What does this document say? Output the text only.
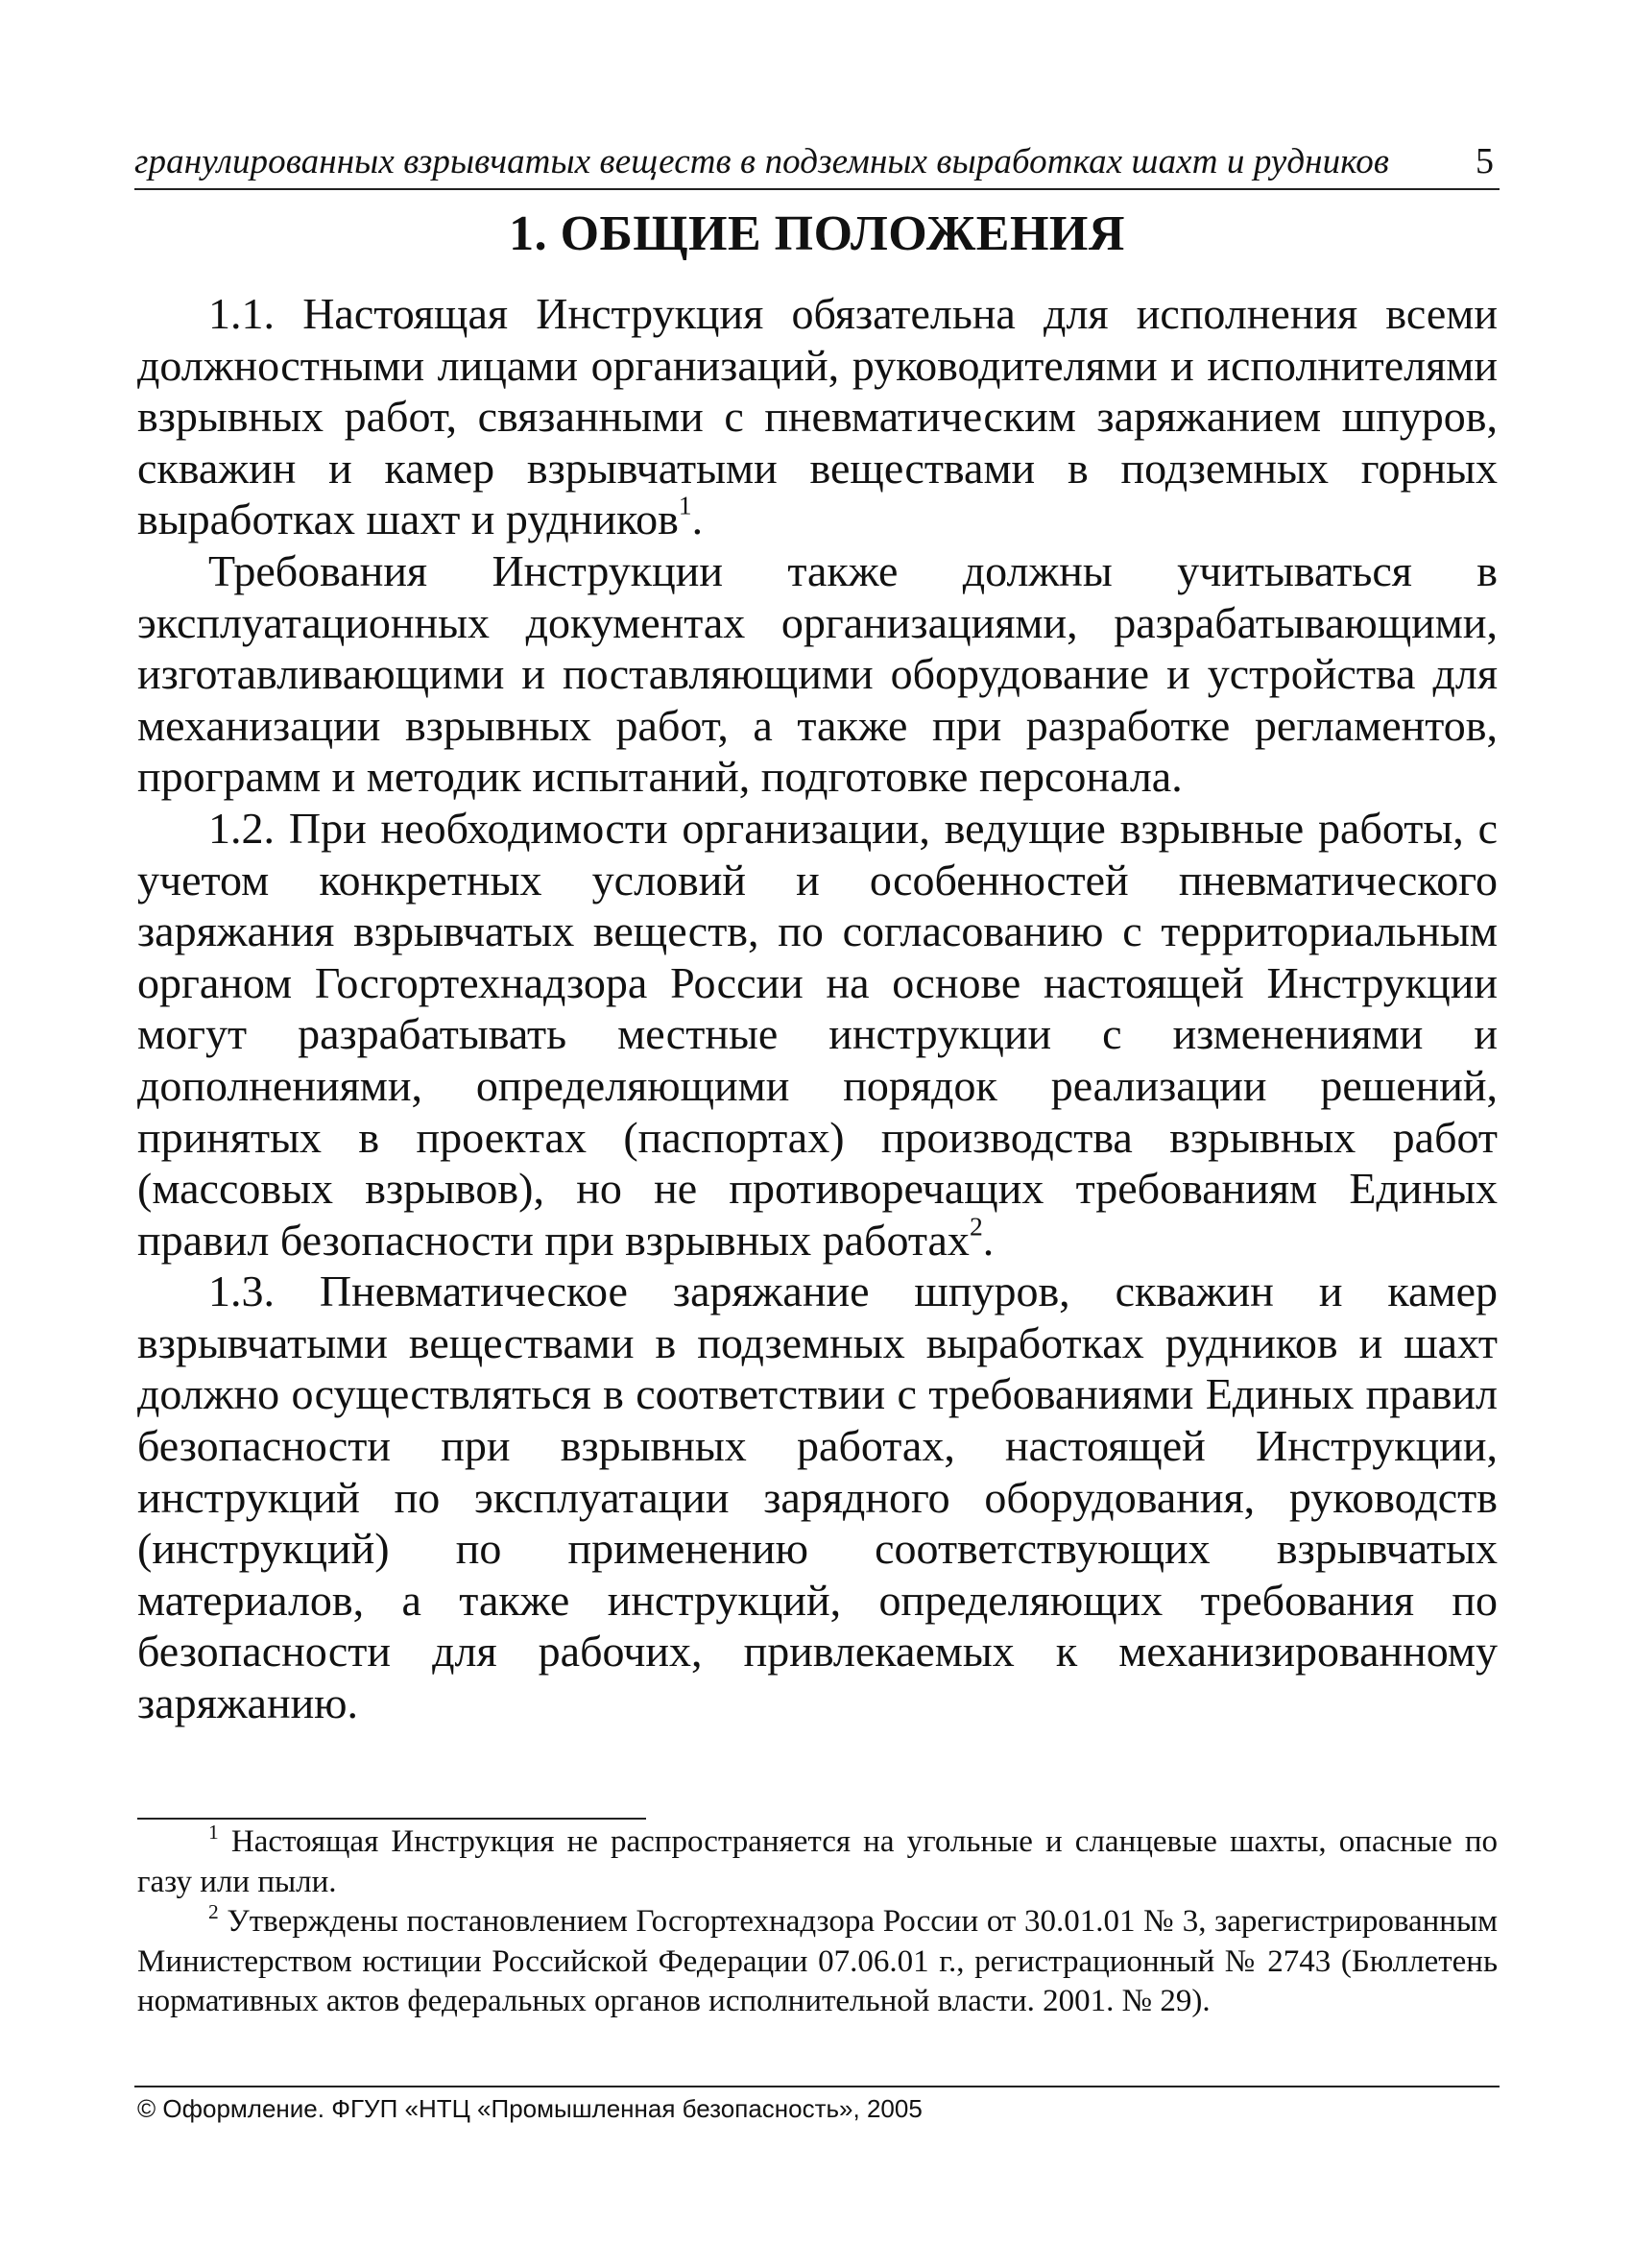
гранулированных взрывчатых веществ в подземных выработках шахт и рудников 5
1. ОБЩИЕ ПОЛОЖЕНИЯ

1.1. Настоящая Инструкция обязательна для исполнения всеми должностными лицами организаций, руководителями и исполнителями взрывных работ, связанными с пневматическим заряжанием шпуров, скважин и камер взрывчатыми веществами в подземных горных выработках шахт и рудников$^1$.

Требования Инструкции также должны учитываться в эксплуатационных документах организациями, разрабатывающими, изготавливающими и поставляющими оборудование и устройства для механизации взрывных работ, а также при разработке регламентов, программ и методик испытаний, подготовке персонала.

1.2. При необходимости организации, ведущие взрывные работы, с учетом конкретных условий и особенностей пневматического заряжания взрывчатых веществ, по согласованию с территориальным органом Госгортехнадзора России на основе настоящей Инструкции могут разрабатывать местные инструкции с изменениями и дополнениями, определяющими порядок реализации решений, принятых в проектах (паспортах) производства взрывных работ (массовых взрывов), но не противоречащих требованиям Единых правил безопасности при взрывных работах$^2$.

1.3. Пневматическое заряжание шпуров, скважин и камер взрывчатыми веществами в подземных выработках рудников и шахт должно осуществляться в соответствии с требованиями Единых правил безопасности при взрывных работах, настоящей Инструкции, инструкций по эксплуатации зарядного оборудования, руководств (инструкций) по применению соответствующих взрывчатых материалов, а также инструкций, определяющих требования по безопасности для рабочих, привлекаемых к механизированному заряжанию.

$^1$ Настоящая Инструкция не распространяется на угольные и сланцевые шахты, опасные по газу или пыли.

$^2$ Утверждены постановлением Госгортехнадзора России от 30.01.01 № 3, зарегистрированным Министерством юстиции Российской Федерации 07.06.01 г., регистрационный № 2743 (Бюллетень нормативных актов федеральных органов исполнительной власти. 2001. № 29).

© Оформление. ФГУП «НТЦ «Промышленная безопасность», 2005
